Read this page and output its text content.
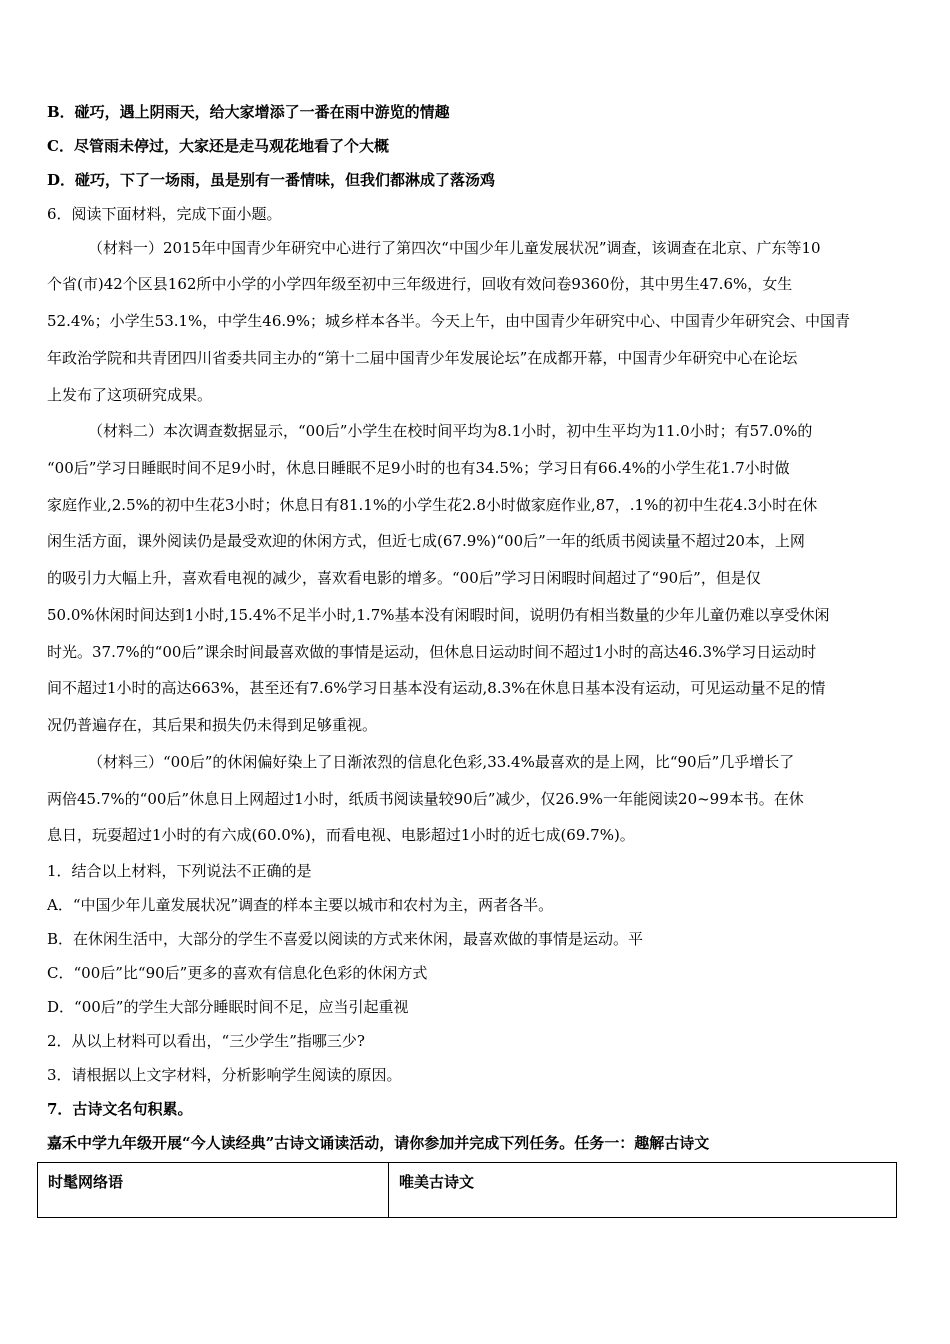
B．碰巧，遇上阴雨天，给大家增添了一番在雨中游览的情趣
C．尽管雨未停过，大家还是走马观花地看了个大概
D．碰巧，下了一场雨，虽是别有一番情味，但我们都淋成了落汤鸡
6．阅读下面材料，完成下面小题。
（材料一）2015年中国青少年研究中心进行了第四次“中国少年儿童发展状况”调查，该调查在北京、广东等10
个省(市)42个区县162所中小学的小学四年级至初中三年级进行，回收有效问卷9360份，其中男生47.6%，女生
52.4%；小学生53.1%，中学生46.9%；城乡样本各半。今天上午，由中国青少年研究中心、中国青少年研究会、中国青
年政治学院和共青团四川省委共同主办的“第十二届中国青少年发展论坛”在成都开幕，中国青少年研究中心在论坛
上发布了这项研究成果。
（材料二）本次调查数据显示，“00后”小学生在校时间平均为8.1小时，初中生平均为11.0小时；有57.0%的
“00后”学习日睡眠时间不足9小时，休息日睡眠不足9小时的也有34.5%；学习日有66.4%的小学生花1.7小时做
家庭作业,2.5%的初中生花3小时；休息日有81.1%的小学生花2.8小时做家庭作业,87，.1%的初中生花4.3小时在休
闲生活方面，课外阅读仍是最受欢迎的休闲方式，但近七成(67.9%)“00后”一年的纸质书阅读量不超过20本，上网
的吸引力大幅上升，喜欢看电视的减少，喜欢看电影的增多。“00后”学习日闲暇时间超过了“90后”，但是仅
50.0%休闲时间达到1小时,15.4%不足半小时,1.7%基本没有闲暇时间，说明仍有相当数量的少年儿童仍难以享受休闲
时光。37.7%的“00后”课余时间最喜欢做的事情是运动，但休息日运动时间不超过1小时的高达46.3%学习日运动时
间不超过1小时的高达663%，甚至还有7.6%学习日基本没有运动,8.3%在休息日基本没有运动，可见运动量不足的情
况仍普遍存在，其后果和损失仍未得到足够重视。
（材料三）“00后”的休闲偏好染上了日渐浓烈的信息化色彩,33.4%最喜欢的是上网，比“90后”几乎增长了
两倍45.7%的“00后”休息日上网超过1小时，纸质书阅读量较90后”减少，仅26.9%一年能阅读20~99本书。在休
息日，玩耍超过1小时的有六成(60.0%)，而看电视、电影超过1小时的近七成(69.7%)。
1．结合以上材料，下列说法不正确的是
A．“中国少年儿童发展状况”调查的样本主要以城市和农村为主，两者各半。
B．在休闲生活中，大部分的学生不喜爱以阅读的方式来休闲，最喜欢做的事情是运动。平
C．“00后”比“90后”更多的喜欢有信息化色彩的休闲方式
D．“00后”的学生大部分睡眠时间不足，应当引起重视
2．从以上材料可以看出，“三少学生”指哪三少?
3．请根据以上文字材料，分析影响学生阅读的原因。
7．古诗文名句积累。
嘉禾中学九年级开展“今人读经典”古诗文诵读活动，请你参加并完成下列任务。任务一：趣解古诗文
时髦网络语	唯美古诗文
